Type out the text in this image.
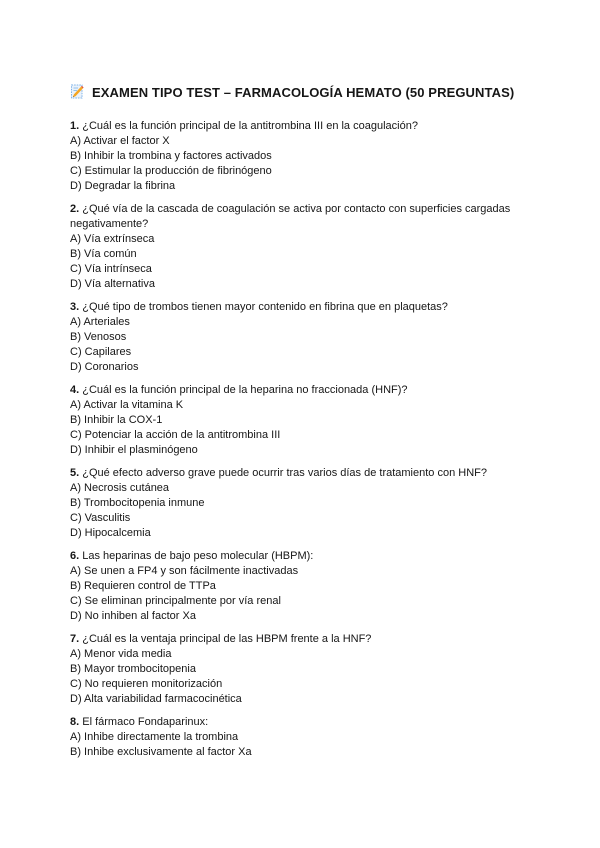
EXAMEN TIPO TEST – FARMACOLOGÍA HEMATO (50 PREGUNTAS)

1. ¿Cuál es la función principal de la antitrombina III en la coagulación?

A) Activar el factor X

B) Inhibir la trombina y factores activados

C) Estimular la producción de fibrinógeno

D) Degradar la fibrina

2. ¿Qué vía de la cascada de coagulación se activa por contacto con superficies cargadas negativamente?

A) Vía extrínseca

B) Vía común

C) Vía intrínseca

D) Vía alternativa

3. ¿Qué tipo de trombos tienen mayor contenido en fibrina que en plaquetas?

A) Arteriales

B) Venosos

C) Capilares

D) Coronarios

4. ¿Cuál es la función principal de la heparina no fraccionada (HNF)?

A) Activar la vitamina K

B) Inhibir la COX-1

C) Potenciar la acción de la antitrombina III

D) Inhibir el plasminógeno

5. ¿Qué efecto adverso grave puede ocurrir tras varios días de tratamiento con HNF?

A) Necrosis cutánea

B) Trombocitopenia inmune

C) Vasculitis

D) Hipocalcemia

6. Las heparinas de bajo peso molecular (HBPM):

A) Se unen a FP4 y son fácilmente inactivadas

B) Requieren control de TTPa

C) Se eliminan principalmente por vía renal

D) No inhiben al factor Xa

7. ¿Cuál es la ventaja principal de las HBPM frente a la HNF?

A) Menor vida media

B) Mayor trombocitopenia

C) No requieren monitorización

D) Alta variabilidad farmacocinética

8. El fármaco Fondaparinux:

A) Inhibe directamente la trombina

B) Inhibe exclusivamente al factor Xa
